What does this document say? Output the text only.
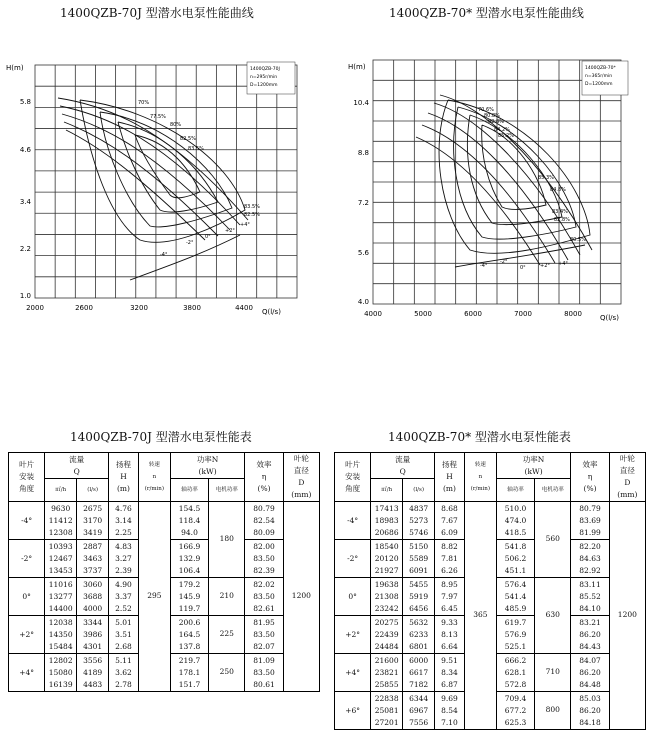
1400QZB-70J 型潜水电泵性能曲线	1400QZB-70* 型潜水电泵性能曲线
H(m)
Q(l/s)
1.0
2.2
3.4
4.6
5.8
2000	2600	3200	3800	4400
1400QZB-70J
n=295r/min
D=1200mm
70%
77.5%
80%
82.5%
83.5%
83.5%
82.5%
-4°
-2°
0°
+2°
+4°
H(m)
Q(l/s)
4.0
5.6
7.2
8.8
10.4
4000	5000	6000	7000	8000
1400QZB-70*
n=365r/min
D=1200mm
70.6%
80.8%
82.8%
84.2%
85.2%
85.3%
84.8%
83.4%
82.8%
80.5%
-4°
-2°
0°	+2° +4°
1400QZB-70J 型潜水电泵性能表	1400QZB-70* 型潜水电泵性能表
叶片
安装
角度	流量
Q		扬程
H
(m)	转速
n
(r/min)	功率N
(kW)		效率
η
(%)	叶轮
直径
D
(mm)
	㎥/h	(l/s)			轴功率	电机功率		
-4°	9630
11412
12308	2675
3170
3419	4.76
3.14
2.25	295	154.5
118.4
94.0	180	80.79
82.54
80.09	1200
-2°	10393
12467
13453	2887
3463
3737	4.83
3.27
2.39		166.9
132.9
106.4		82.00
83.50
82.39	
0°	11016
13277
14400	3060
3688
4000	4.90
3.37
2.52		179.2
145.9
119.7	210	82.02
83.50
82.61	
+2°	12038
14350
15484	3344
3986
4301	5.01
3.51
2.68		200.6
164.5
137.8	225	81.95
83.50
82.07	
+4°	12802
15080
16139	3556
4189
4483	5.11
3.62
2.78		219.7
178.1
151.7	250	81.09
83.50
80.61	
叶片
安装
角度	流量
Q		扬程
H
(m)	转速
n
(r/min)	功率N
(kW)		效率
η
(%)	叶轮
直径
D
(mm)
	㎥/h	(l/s)			轴功率	电机功率		
-4°	17413
18983
20686	4837
5273
5746	8.68
7.67
6.09	365	510.0
474.0
418.5	560	80.79
83.69
81.99	1200
-2°	18540
20120
21927	5150
5589
6091	8.82
7.81
6.26		541.8
506.2
451.1		82.20
84.63
82.92	
0°	19638
21308
23242	5455
5919
6456	8.95
7.97
6.45		576.4
541.4
485.9	630	83.11
85.52
84.10	
+2°	20275
22439
24484	5632
6233
6801	9.33
8.13
6.64		619.7
576.9
525.1		83.21
86.20
84.43	
+4°	21600
23821
25855	6000
6617
7182	9.51
8.34
6.87		666.2
628.1
572.8	710	84.07
86.20
84.48	
+6°	22838
25081
27201	6344
6967
7556	9.69
8.54
7.10		709.4
677.2
625.3	800	85.03
86.20
84.18	
